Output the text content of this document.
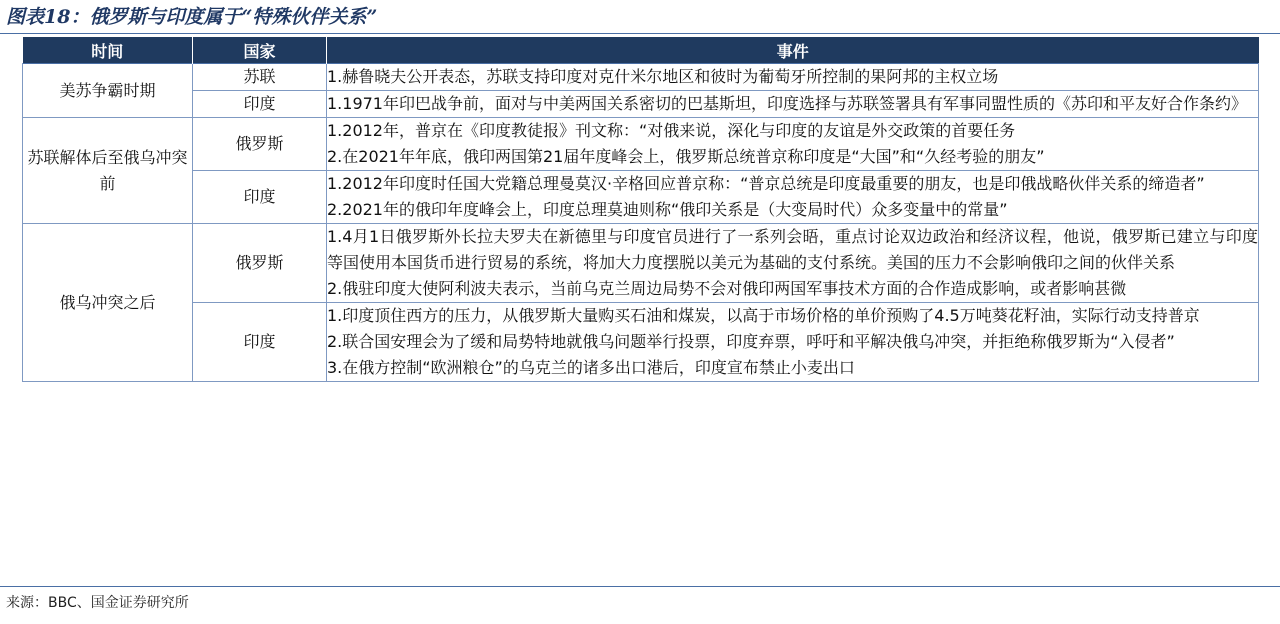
图表18：俄罗斯与印度属于“特殊伙伴关系”
时间	国家	事件
美苏争霸时期	苏联	1.赫鲁晓夫公开表态，苏联支持印度对克什米尔地区和彼时为葡萄牙所控制的果阿邦的主权立场

	印度	1.1971年印巴战争前，面对与中美两国关系密切的巴基斯坦，印度选择与苏联签署具有军事同盟性质的《苏印和平友好合作条约》

苏联解体后至俄乌冲突前	俄罗斯	1.2012年，普京在《印度教徒报》刊文称：“对俄来说，深化与印度的友谊是外交政策的首要任务
2.在2021年年底，俄印两国第21届年度峰会上，俄罗斯总统普京称印度是“大国”和“久经考验的朋友”

	印度	1.2012年印度时任国大党籍总理曼莫汉·辛格回应普京称：“普京总统是印度最重要的朋友，也是印俄战略伙伴关系的缔造者”
2.2021年的俄印年度峰会上，印度总理莫迪则称“俄印关系是（大变局时代）众多变量中的常量”

俄乌冲突之后	俄罗斯	1.4月1日俄罗斯外长拉夫罗夫在新德里与印度官员进行了一系列会晤，重点讨论双边政治和经济议程，他说，俄罗斯已建立与印度等国使用本国货币进行贸易的系统，将加大力度摆脱以美元为基础的支付系统。美国的压力不会影响俄印之间的伙伴关系
2.俄驻印度大使阿利波夫表示，当前乌克兰周边局势不会对俄印两国军事技术方面的合作造成影响，或者影响甚微

	印度	1.印度顶住西方的压力，从俄罗斯大量购买石油和煤炭，以高于市场价格的单价预购了4.5万吨葵花籽油，实际行动支持普京
2.联合国安理会为了缓和局势特地就俄乌问题举行投票，印度弃票，呼吁和平解决俄乌冲突，并拒绝称俄罗斯为“入侵者”
3.在俄方控制“欧洲粮仓”的乌克兰的诸多出口港后，印度宣布禁止小麦出口
来源：BBC、国金证券研究所
